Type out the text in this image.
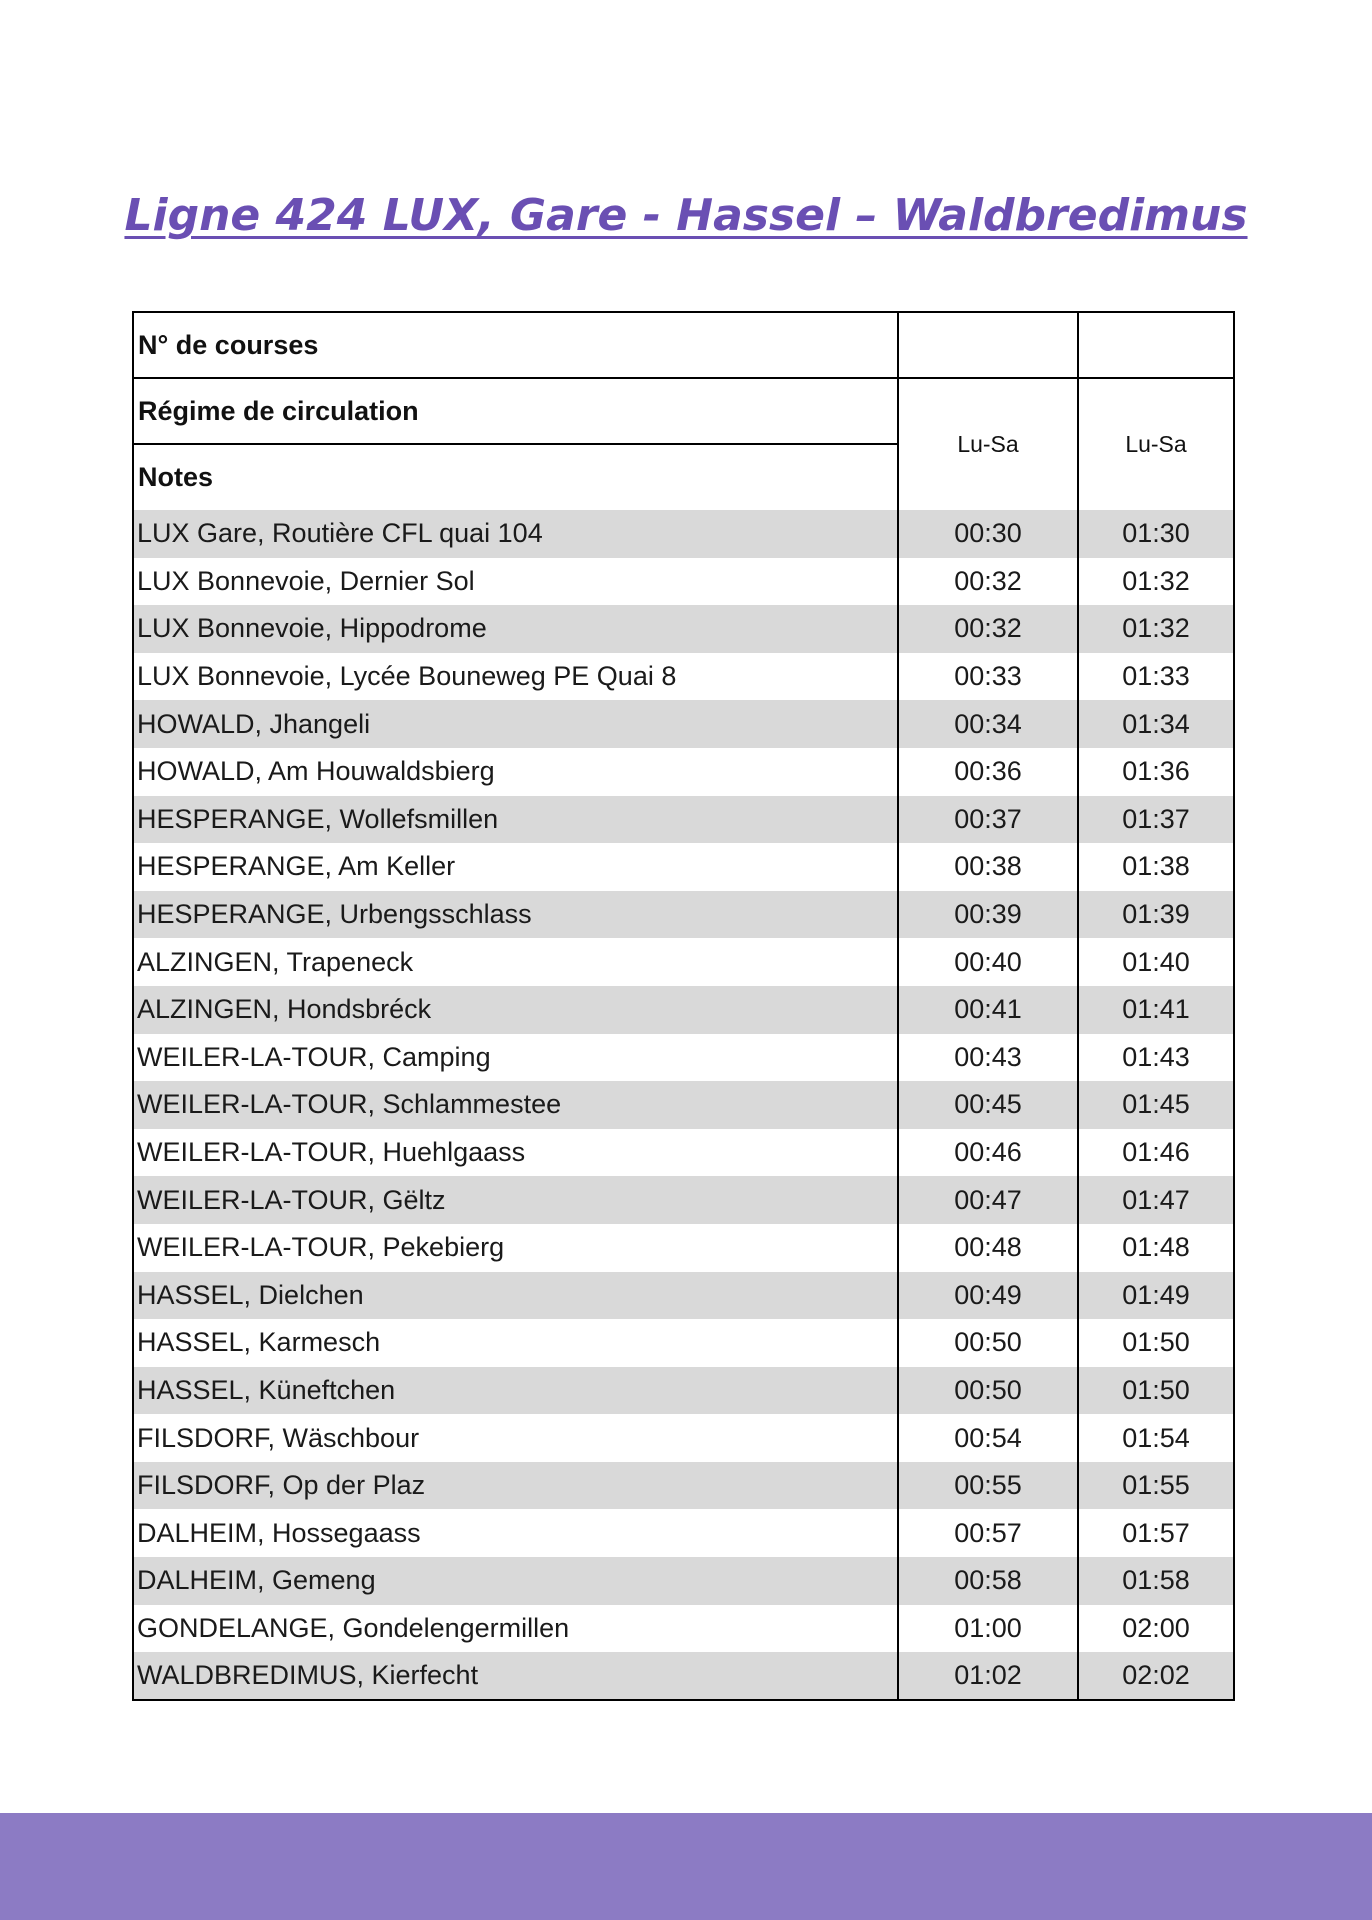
Ligne 424 LUX, Gare - Hassel – Waldbredimus
N° de courses		
Régime de circulation	Lu-Sa	Lu-Sa
Notes		
LUX Gare, Routière CFL quai 104	00:30	01:30
LUX Bonnevoie, Dernier Sol	00:32	01:32
LUX Bonnevoie, Hippodrome	00:32	01:32
LUX Bonnevoie, Lycée Bouneweg PE Quai 8	00:33	01:33
HOWALD, Jhangeli	00:34	01:34
HOWALD, Am Houwaldsbierg	00:36	01:36
HESPERANGE, Wollefsmillen	00:37	01:37
HESPERANGE, Am Keller	00:38	01:38
HESPERANGE, Urbengsschlass	00:39	01:39
ALZINGEN, Trapeneck	00:40	01:40
ALZINGEN, Hondsbréck	00:41	01:41
WEILER-LA-TOUR, Camping	00:43	01:43
WEILER-LA-TOUR, Schlammestee	00:45	01:45
WEILER-LA-TOUR, Huehlgaass	00:46	01:46
WEILER-LA-TOUR, Gëltz	00:47	01:47
WEILER-LA-TOUR, Pekebierg	00:48	01:48
HASSEL, Dielchen	00:49	01:49
HASSEL, Karmesch	00:50	01:50
HASSEL, Küneftchen	00:50	01:50
FILSDORF, Wäschbour	00:54	01:54
FILSDORF, Op der Plaz	00:55	01:55
DALHEIM, Hossegaass	00:57	01:57
DALHEIM, Gemeng	00:58	01:58
GONDELANGE, Gondelengermillen	01:00	02:00
WALDBREDIMUS, Kierfecht	01:02	02:02
